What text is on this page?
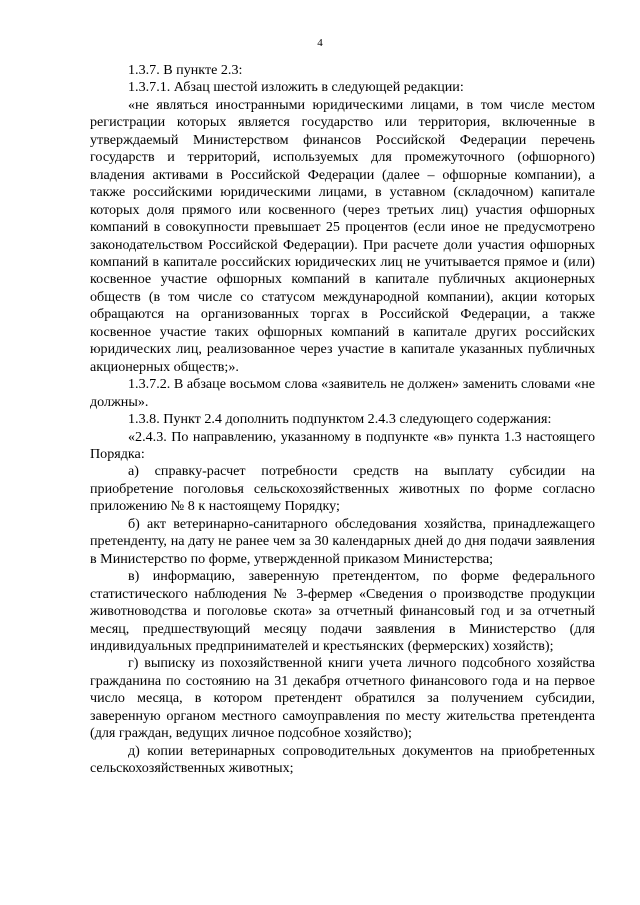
4

1.3.7. В пункте 2.3:

1.3.7.1. Абзац шестой изложить в следующей редакции:

«не являться иностранными юридическими лицами, в том числе местом регистрации которых является государство или территория, включенные в утверждаемый Министерством финансов Российской Федерации перечень государств и территорий, используемых для промежуточного (офшорного) владения активами в Российской Федерации (далее – офшорные компании), а также российскими юридическими лицами, в уставном (складочном) капитале которых доля прямого или косвенного (через третьих лиц) участия офшорных компаний в совокупности превышает 25 процентов (если иное не предусмотрено законодательством Российской Федерации). При расчете доли участия офшорных компаний в капитале российских юридических лиц не учитывается прямое и (или) косвенное участие офшорных компаний в капитале публичных акционерных обществ (в том числе со статусом международной компании), акции которых обращаются на организованных торгах в Российской Федерации, а также косвенное участие таких офшорных компаний в капитале других российских юридических лиц, реализованное через участие в капитале указанных публичных акционерных обществ;».

1.3.7.2. В абзаце восьмом слова «заявитель не должен» заменить словами «не должны».

1.3.8. Пункт 2.4 дополнить подпунктом 2.4.3 следующего содержания:

«2.4.3. По направлению, указанному в подпункте «в» пункта 1.3 настоящего Порядка:

а) справку-расчет потребности средств на выплату субсидии на приобретение поголовья сельскохозяйственных животных по форме согласно приложению № 8 к настоящему Порядку;

б) акт ветеринарно-санитарного обследования хозяйства, принадлежащего претенденту, на дату не ранее чем за 30 календарных дней до дня подачи заявления в Министерство по форме, утвержденной приказом Министерства;

в) информацию, заверенную претендентом, по форме федерального статистического наблюдения № 3-фермер «Сведения о производстве продукции животноводства и поголовье скота» за отчетный финансовый год и за отчетный месяц, предшествующий месяцу подачи заявления в Министерство (для индивидуальных предпринимателей и крестьянских (фермерских) хозяйств);

г) выписку из похозяйственной книги учета личного подсобного хозяйства гражданина по состоянию на 31 декабря отчетного финансового года и на первое число месяца, в котором претендент обратился за получением субсидии, заверенную органом местного самоуправления по месту жительства претендента (для граждан, ведущих личное подсобное хозяйство);

д) копии ветеринарных сопроводительных документов на приобретенных сельскохозяйственных животных;
